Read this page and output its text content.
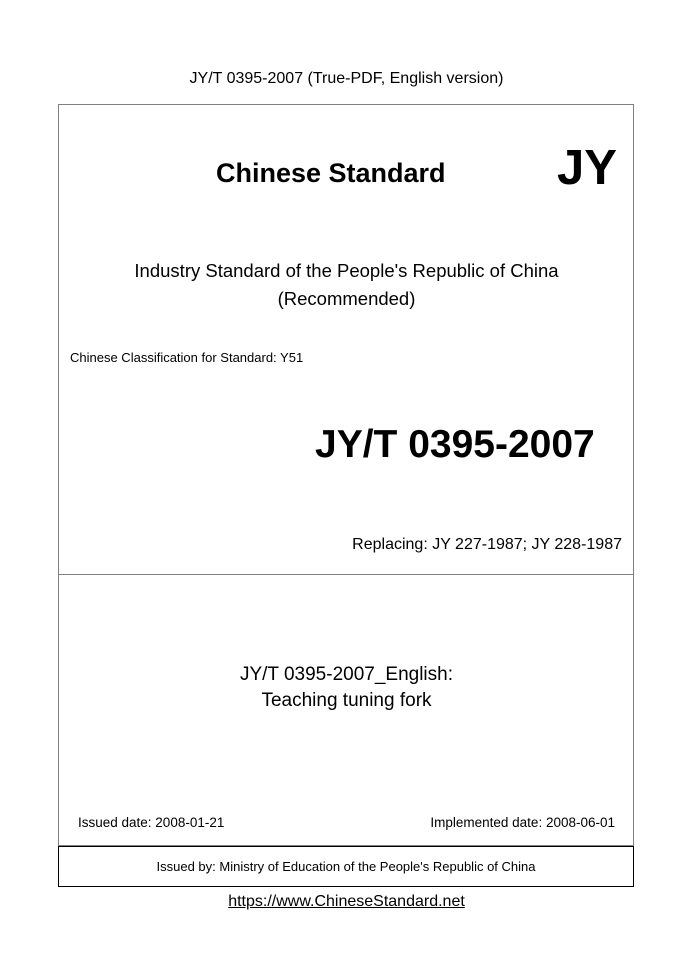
JY/T 0395-2007 (True-PDF, English version)
Chinese Standard JY
Industry Standard of the People's Republic of China
(Recommended)
Chinese Classification for Standard: Y51
JY/T 0395-2007
Replacing: JY 227-1987; JY 228-1987
JY/T 0395-2007_English:
Teaching tuning fork
Issued date: 2008-01-21	Implemented date: 2008-06-01
Issued by: Ministry of Education of the People's Republic of China
https://www.ChineseStandard.net
